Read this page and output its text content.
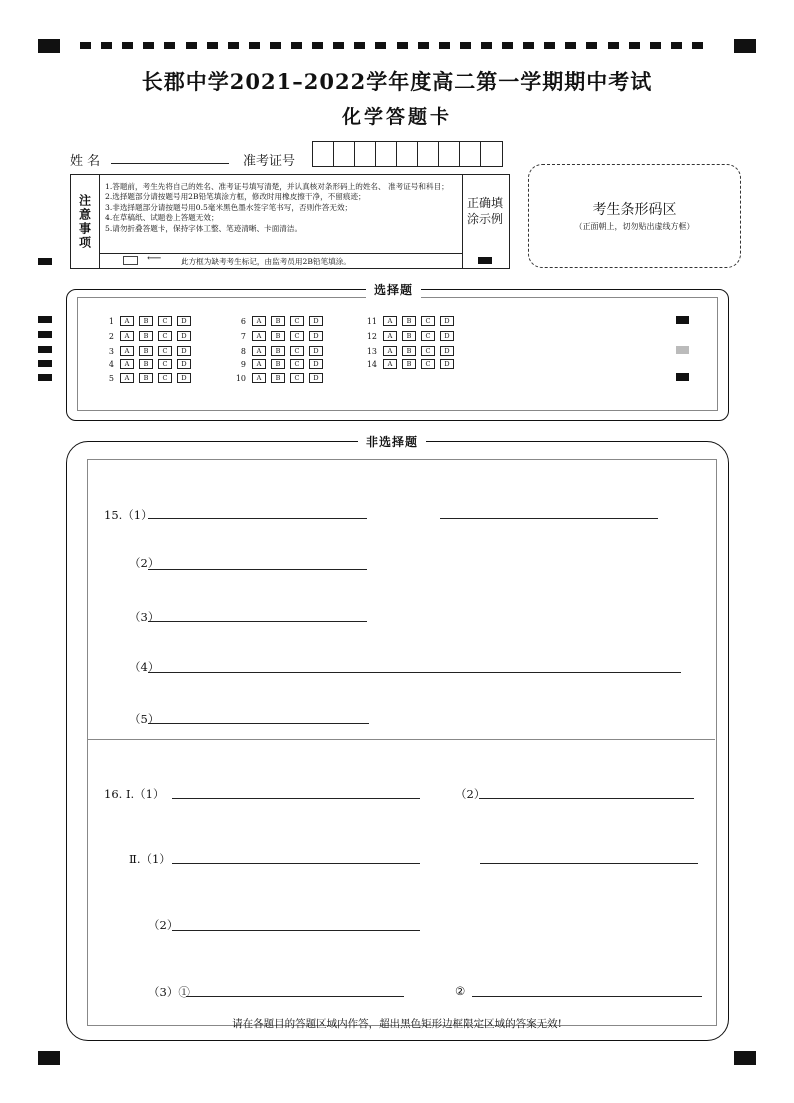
长郡中学2021–2022学年度高二第一学期期中考试
化学答题卡
姓 名	准考证号
注意事项
1.答题前，考生先将自己的姓名、准考证号填写清楚，并认真核对条形码上的姓名、 准考证号和科目；
2.选择题部分请按题号用2B铅笔填涂方框，修改时用橡皮擦干净，不留痕迹；
3.非选择题部分请按题号用0.5毫米黑色墨水签字笔书写，否则作答无效；
4.在草稿纸、试题卷上答题无效；
5.请勿折叠答题卡，保持字体工整、笔迹清晰、卡面清洁。
正确填涂示例
⟵	此方框为缺考考生标记，由监考员用2B铅笔填涂。
考生条形码区
（正面朝上，切勿贴出虚线方框）
选择题
1	A	B	C	D
2	A	B	C	D
3	A	B	C	D
4	A	B	C	D
5	A	B	C	D
6	A	B	C	D
7	A	B	C	D
8	A	B	C	D
9	A	B	C	D
10	A	B	C	D
11	A	B	C	D
12	A	B	C	D
13	A	B	C	D
14	A	B	C	D
非选择题
15.（1）
（2）
（3）
（4）
（5）
16. Ⅰ.（1）	（2）
Ⅱ.（1）
（2）
（3）①	②
请在各题目的答题区域内作答，超出黑色矩形边框限定区域的答案无效!
